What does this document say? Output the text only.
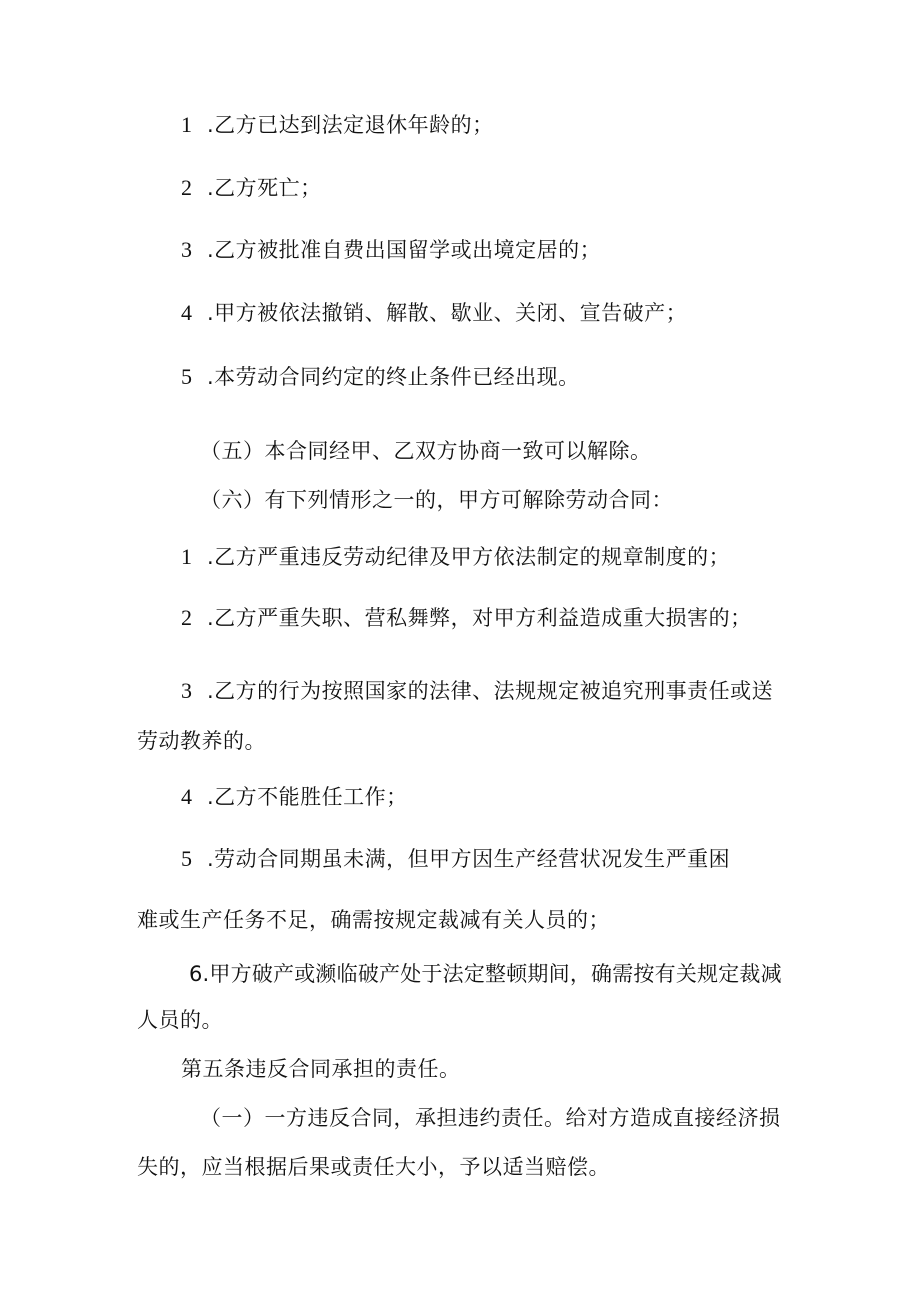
1 .乙方已达到法定退休年龄的；
2 .乙方死亡；
3 .乙方被批准自费出国留学或出境定居的；
4 .甲方被依法撤销、解散、歇业、关闭、宣告破产；
5 .本劳动合同约定的终止条件已经出现。
（五）本合同经甲、乙双方协商一致可以解除。
（六）有下列情形之一的，甲方可解除劳动合同：
1 .乙方严重违反劳动纪律及甲方依法制定的规章制度的；
2 .乙方严重失职、营私舞弊，对甲方利益造成重大损害的；
3 .乙方的行为按照国家的法律、法规规定被追究刑事责任或送
劳动教养的。
4 .乙方不能胜任工作；
5 .劳动合同期虽未满，但甲方因生产经营状况发生严重困
难或生产任务不足，确需按规定裁减有关人员的；
6.甲方破产或濒临破产处于法定整顿期间，确需按有关规定裁减
人员的。
第五条违反合同承担的责任。
（一）一方违反合同，承担违约责任。给对方造成直接经济损
失的，应当根据后果或责任大小，予以适当赔偿。
